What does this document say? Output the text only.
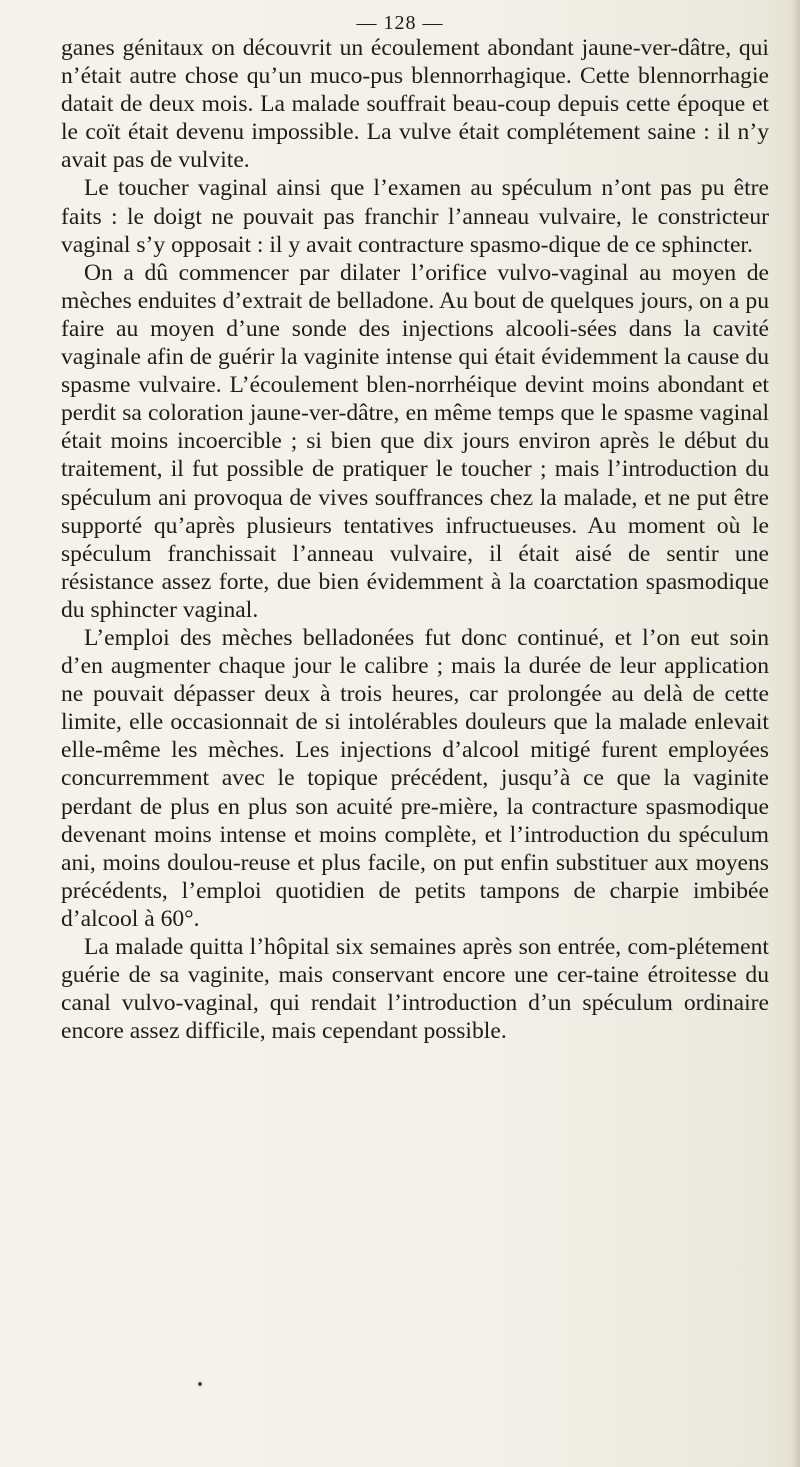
— 128 —

ganes génitaux on découvrit un écoulement abondant jaune-ver-dâtre, qui n’était autre chose qu’un muco-pus blennorrhagique. Cette blennorrhagie datait de deux mois. La malade souffrait beau-coup depuis cette époque et le coït était devenu impossible. La vulve était complétement saine : il n’y avait pas de vulvite.

Le toucher vaginal ainsi que l’examen au spéculum n’ont pas pu être faits : le doigt ne pouvait pas franchir l’anneau vulvaire, le constricteur vaginal s’y opposait : il y avait contracture spasmo-dique de ce sphincter.

On a dû commencer par dilater l’orifice vulvo-vaginal au moyen de mèches enduites d’extrait de belladone. Au bout de quelques jours, on a pu faire au moyen d’une sonde des injections alcooli-sées dans la cavité vaginale afin de guérir la vaginite intense qui était évidemment la cause du spasme vulvaire. L’écoulement blen-norrhéique devint moins abondant et perdit sa coloration jaune-ver-dâtre, en même temps que le spasme vaginal était moins incoercible ; si bien que dix jours environ après le début du traitement, il fut possible de pratiquer le toucher ; mais l’introduction du spéculum ani provoqua de vives souffrances chez la malade, et ne put être supporté qu’après plusieurs tentatives infructueuses. Au moment où le spéculum franchissait l’anneau vulvaire, il était aisé de sentir une résistance assez forte, due bien évidemment à la coarctation spasmodique du sphincter vaginal.

L’emploi des mèches belladonées fut donc continué, et l’on eut soin d’en augmenter chaque jour le calibre ; mais la durée de leur application ne pouvait dépasser deux à trois heures, car prolongée au delà de cette limite, elle occasionnait de si intolérables douleurs que la malade enlevait elle-même les mèches. Les injections d’alcool mitigé furent employées concurremment avec le topique précédent, jusqu’à ce que la vaginite perdant de plus en plus son acuité pre-mière, la contracture spasmodique devenant moins intense et moins complète, et l’introduction du spéculum ani, moins doulou-reuse et plus facile, on put enfin substituer aux moyens précédents, l’emploi quotidien de petits tampons de charpie imbibée d’alcool à 60°.

La malade quitta l’hôpital six semaines après son entrée, com-plétement guérie de sa vaginite, mais conservant encore une cer-taine étroitesse du canal vulvo-vaginal, qui rendait l’introduction d’un spéculum ordinaire encore assez difficile, mais cependant possible.
